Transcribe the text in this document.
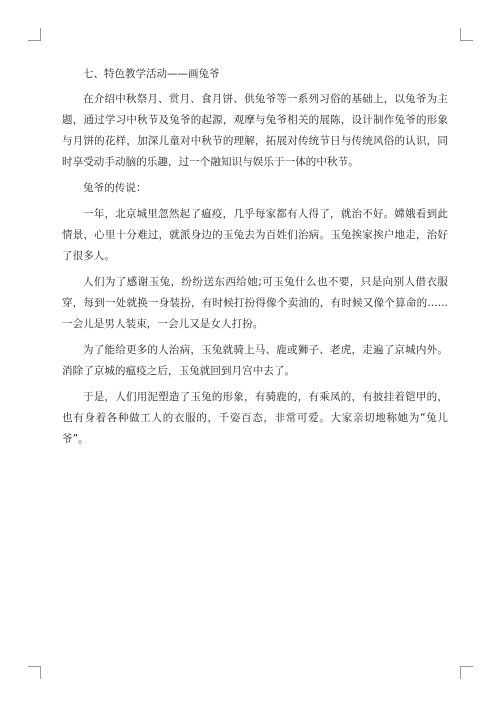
七、特色教学活动——画兔爷

在介绍中秋祭月、赏月、食月饼、供兔爷等一系列习俗的基础上，以兔爷为主题，通过学习中秋节及兔爷的起源，观摩与兔爷相关的展陈，设计制作兔爷的形象与月饼的花样，加深儿童对中秋节的理解，拓展对传统节日与传统风俗的认识，同时享受动手动脑的乐趣，过一个融知识与娱乐于一体的中秋节。

兔爷的传说：

一年，北京城里忽然起了瘟疫，几乎每家都有人得了，就治不好。嫦娥看到此情景，心里十分难过，就派身边的玉兔去为百姓们治病。玉兔挨家挨户地走，治好了很多人。

人们为了感谢玉兔，纷纷送东西给她;可玉兔什么也不要，只是向别人借衣服穿，每到一处就换一身装扮，有时候打扮得像个卖油的，有时候又像个算命的......一会儿是男人装束，一会儿又是女人打扮。

为了能给更多的人治病，玉兔就骑上马、鹿或狮子、老虎，走遍了京城内外。消除了京城的瘟疫之后，玉兔就回到月宫中去了。

于是，人们用泥塑造了玉兔的形象，有骑鹿的，有乘凤的，有披挂着铠甲的，也有身着各种做工人的衣服的，千姿百态，非常可爱。大家亲切地称她为“兔儿爷”。
